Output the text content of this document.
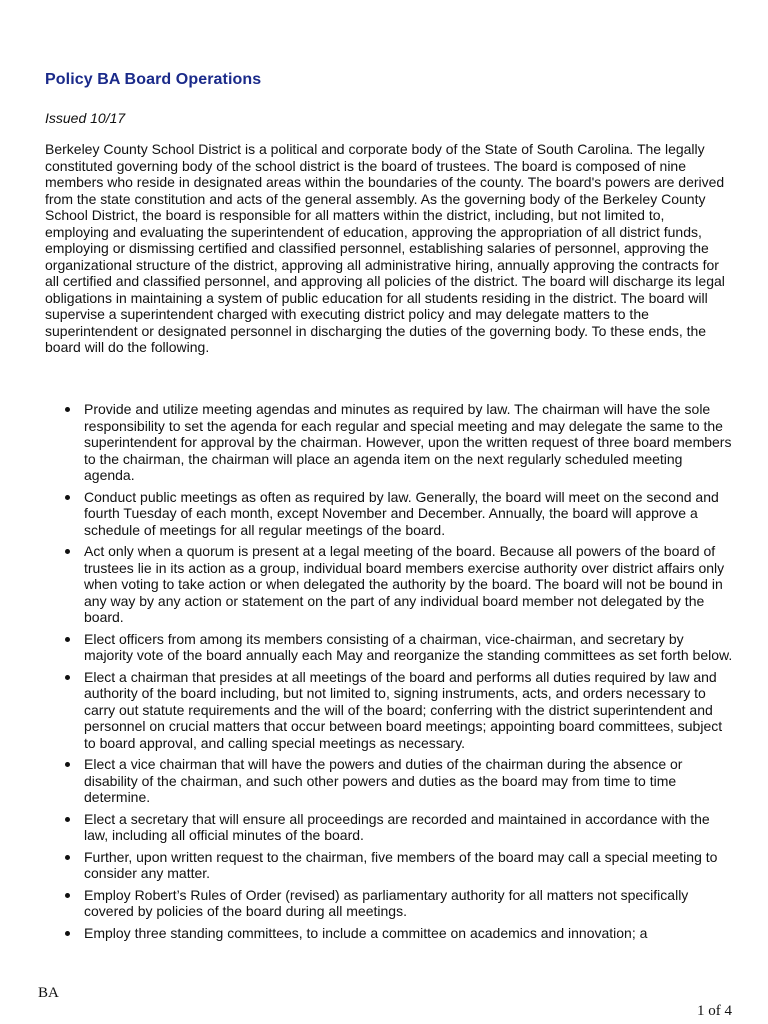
Policy BA Board Operations

Issued 10/17

Berkeley County School District is a political and corporate body of the State of South Carolina. The legally constituted governing body of the school district is the board of trustees. The board is composed of nine members who reside in designated areas within the boundaries of the county. The board's powers are derived from the state constitution and acts of the general assembly. As the governing body of the Berkeley County School District, the board is responsible for all matters within the district, including, but not limited to, employing and evaluating the superintendent of education, approving the appropriation of all district funds, employing or dismissing certified and classified personnel, establishing salaries of personnel, approving the organizational structure of the district, approving all administrative hiring, annually approving the contracts for all certified and classified personnel, and approving all policies of the district. The board will discharge its legal obligations in maintaining a system of public education for all students residing in the district. The board will supervise a superintendent charged with executing district policy and may delegate matters to the superintendent or designated personnel in discharging the duties of the governing body. To these ends, the board will do the following.

Provide and utilize meeting agendas and minutes as required by law. The chairman will have the sole responsibility to set the agenda for each regular and special meeting and may delegate the same to the superintendent for approval by the chairman. However, upon the written request of three board members to the chairman, the chairman will place an agenda item on the next regularly scheduled meeting agenda.
Conduct public meetings as often as required by law. Generally, the board will meet on the second and fourth Tuesday of each month, except November and December. Annually, the board will approve a schedule of meetings for all regular meetings of the board.
Act only when a quorum is present at a legal meeting of the board. Because all powers of the board of trustees lie in its action as a group, individual board members exercise authority over district affairs only when voting to take action or when delegated the authority by the board. The board will not be bound in any way by any action or statement on the part of any individual board member not delegated by the board.
Elect officers from among its members consisting of a chairman, vice-chairman, and secretary by majority vote of the board annually each May and reorganize the standing committees as set forth below.
Elect a chairman that presides at all meetings of the board and performs all duties required by law and authority of the board including, but not limited to, signing instruments, acts, and orders necessary to carry out statute requirements and the will of the board; conferring with the district superintendent and personnel on crucial matters that occur between board meetings; appointing board committees, subject to board approval, and calling special meetings as necessary.
Elect a vice chairman that will have the powers and duties of the chairman during the absence or disability of the chairman, and such other powers and duties as the board may from time to time determine.
Elect a secretary that will ensure all proceedings are recorded and maintained in accordance with the law, including all official minutes of the board.
Further, upon written request to the chairman, five members of the board may call a special meeting to consider any matter.
Employ Robert’s Rules of Order (revised) as parliamentary authority for all matters not specifically covered by policies of the board during all meetings.
Employ three standing committees, to include a committee on academics and innovation; a

BA

1 of 4
